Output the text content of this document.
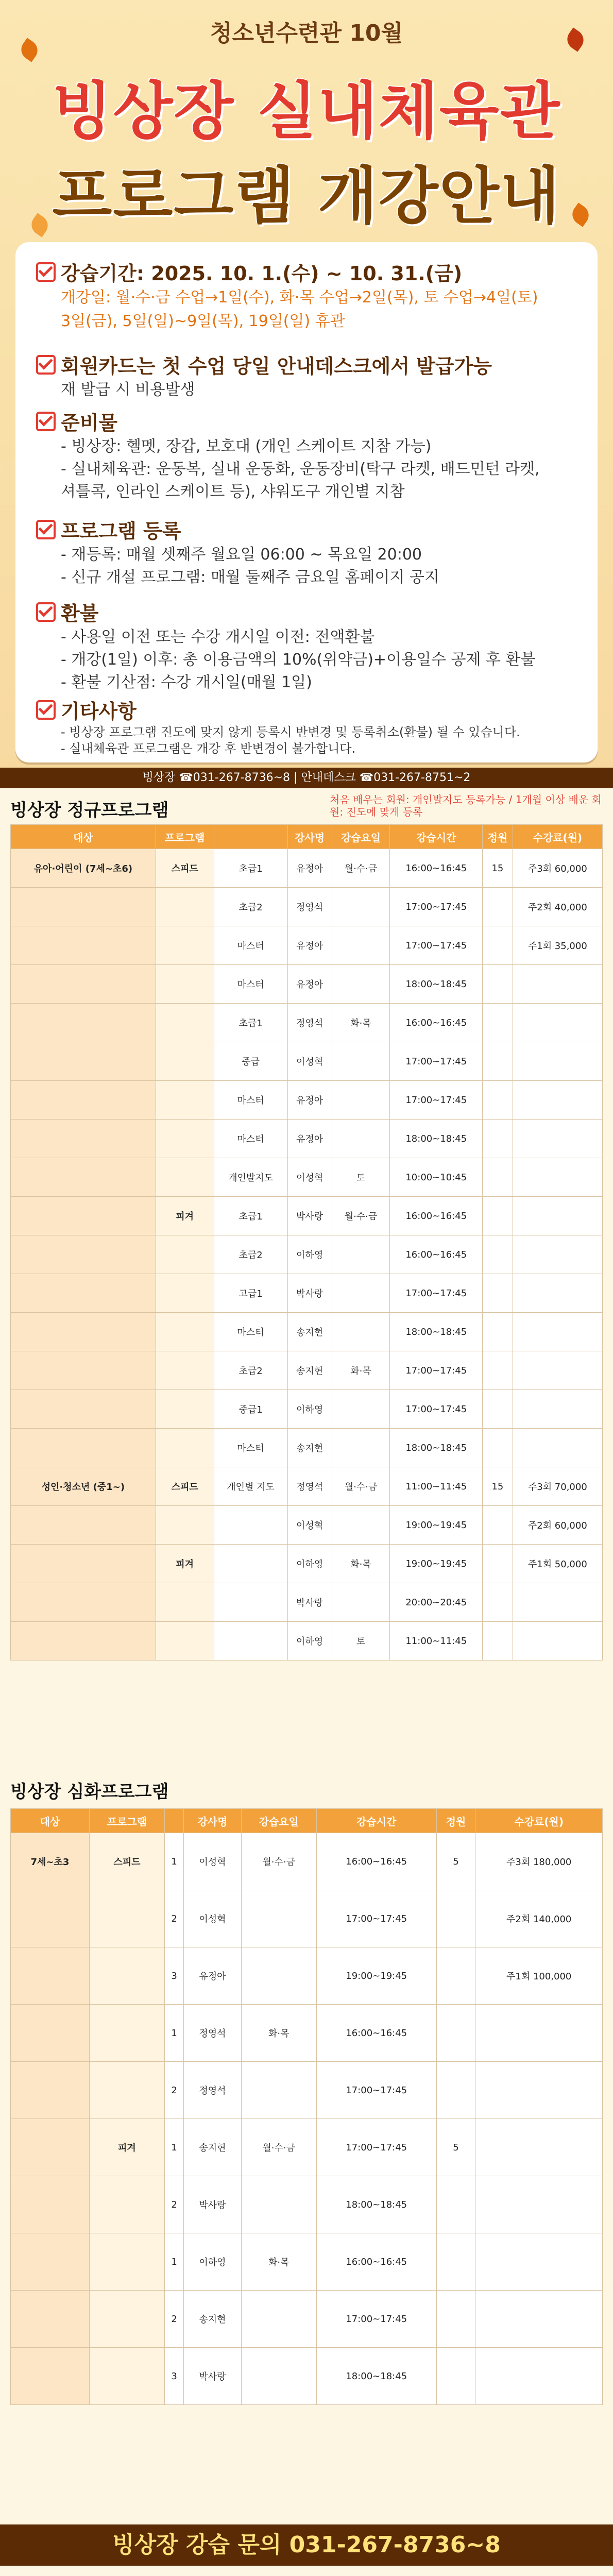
청소년수련관 10월
빙상장 실내체육관
프로그램 개강안내
강습기간: 2025. 10. 1.(수) ~ 10. 31.(금)
개강일: 월·수·금 수업→1일(수), 화·목 수업→2일(목), 토 수업→4일(토)
3일(금), 5일(일)~9일(목), 19일(일) 휴관
회원카드는 첫 수업 당일 안내데스크에서 발급가능
재 발급 시 비용발생
준비물
- 빙상장: 헬멧, 장갑, 보호대 (개인 스케이트 지참 가능)
- 실내체육관: 운동복, 실내 운동화, 운동장비(탁구 라켓, 배드민턴 라켓,
셔틀콕, 인라인 스케이트 등), 샤워도구 개인별 지참
프로그램 등록
- 재등록: 매월 셋째주 월요일 06:00 ~ 목요일 20:00
- 신규 개설 프로그램: 매월 둘째주 금요일 홈페이지 공지
환불
- 사용일 이전 또는 수강 개시일 이전: 전액환불
- 개강(1일) 이후: 총 이용금액의 10%(위약금)+이용일수 공제 후 환불
- 환불 기산점: 수강 개시일(매월 1일)
기타사항
- 빙상장 프로그램 진도에 맞지 않게 등록시 반변경 및 등록취소(환불) 될 수 있습니다.
- 실내체육관 프로그램은 개강 후 반변경이 불가합니다.
빙상장 ☎031-267-8736~8 | 안내데스크 ☎031-267-8751~2
빙상장 정규프로그램
처음 배우는 회원: 개인발지도 등록가능 / 1개월 이상 배운 회원: 진도에 맞게 등록
대상	프로그램		강사명	강습요일	강습시간	정원	수강료(원)
유아·어린이 (7세~초6)	스피드	초급1	유정아	월·수·금	16:00~16:45	15	주3회 60,000
		초급2	정영석		17:00~17:45		주2회 40,000
		마스터	유정아		17:00~17:45		주1회 35,000
		마스터	유정아		18:00~18:45		
		초급1	정영석	화·목	16:00~16:45		
		중급	이성혁		17:00~17:45		
		마스터	유정아		17:00~17:45		
		마스터	유정아		18:00~18:45		
		개인발지도	이성혁	토	10:00~10:45		
	피겨	초급1	박사랑	월·수·금	16:00~16:45		
		초급2	이하영		16:00~16:45		
		고급1	박사랑		17:00~17:45		
		마스터	송지현		18:00~18:45		
		초급2	송지현	화·목	17:00~17:45		
		중급1	이하영		17:00~17:45		
		마스터	송지현		18:00~18:45		
성인·청소년 (중1~)	스피드	개인별 지도	정영석	월·수·금	11:00~11:45	15	주3회 70,000
			이성혁		19:00~19:45		주2회 60,000
	피겨		이하영	화·목	19:00~19:45		주1회 50,000
			박사랑		20:00~20:45		
			이하영	토	11:00~11:45		
빙상장 심화프로그램
대상	프로그램		강사명	강습요일	강습시간	정원	수강료(원)
7세~초3	스피드	1	이성혁	월·수·금	16:00~16:45	5	주3회 180,000
		2	이성혁		17:00~17:45		주2회 140,000
		3	유정아		19:00~19:45		주1회 100,000
		1	정영석	화·목	16:00~16:45		
		2	정영석		17:00~17:45		
	피겨	1	송지현	월·수·금	17:00~17:45	5	
		2	박사랑		18:00~18:45		
		1	이하영	화·목	16:00~16:45		
		2	송지현		17:00~17:45		
		3	박사랑		18:00~18:45		
빙상장 강습 문의 031-267-8736~8
